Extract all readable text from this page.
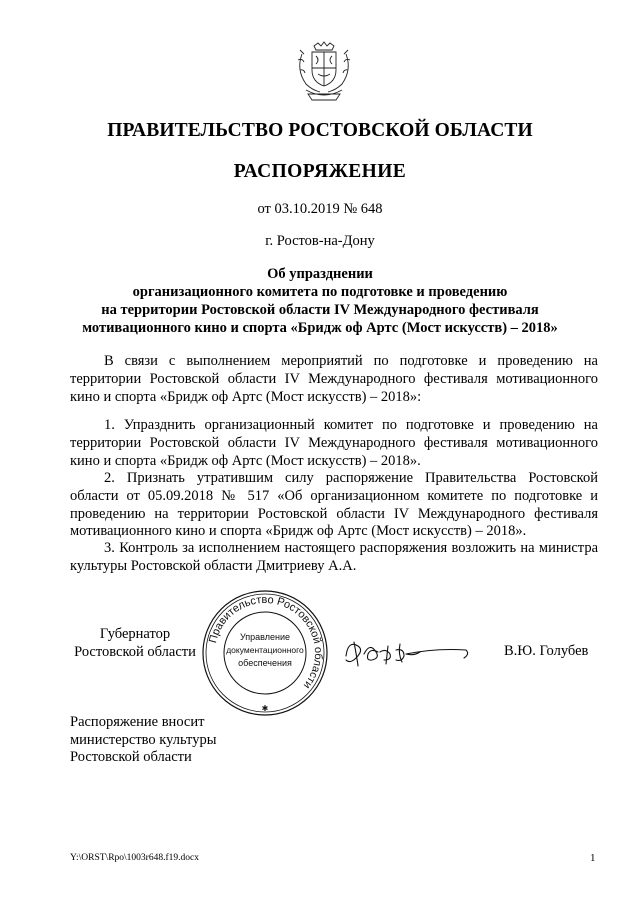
ПРАВИТЕЛЬСТВО РОСТОВСКОЙ ОБЛАСТИ
РАСПОРЯЖЕНИЕ
от 03.10.2019 № 648
г. Ростов-на-Дону
Об упразднении
организационного комитета по подготовке и проведению
на территории Ростовской области IV Международного фестиваля
мотивационного кино и спорта «Бридж оф Артс (Мост искусств) – 2018»

В связи с выполнением мероприятий по подготовке и проведению на территории Ростовской области IV Международного фестиваля мотивационного кино и спорта «Бридж оф Артс (Мост искусств) – 2018»:

1. Упразднить организационный комитет по подготовке и проведению на территории Ростовской области IV Международного фестиваля мотивационного кино и спорта «Бридж оф Артс (Мост искусств) – 2018».

2. Признать утратившим силу распоряжение Правительства Ростовской области от 05.09.2018 № 517 «Об организационном комитете по подготовке и проведению на территории Ростовской области IV Международного фестиваля мотивационного кино и спорта «Бридж оф Артс (Мост искусств) – 2018».

3. Контроль за исполнением настоящего распоряжения возложить на министра культуры Ростовской области Дмитриеву А.А.

Губернатор
Ростовской области
Правительство Ростовской области
Управление
документационного
обеспечения
✱
В.Ю. Голубев
Распоряжение вносит
министерство культуры
Ростовской области
Y:\ORST\Rpo\1003r648.f19.docx	1
